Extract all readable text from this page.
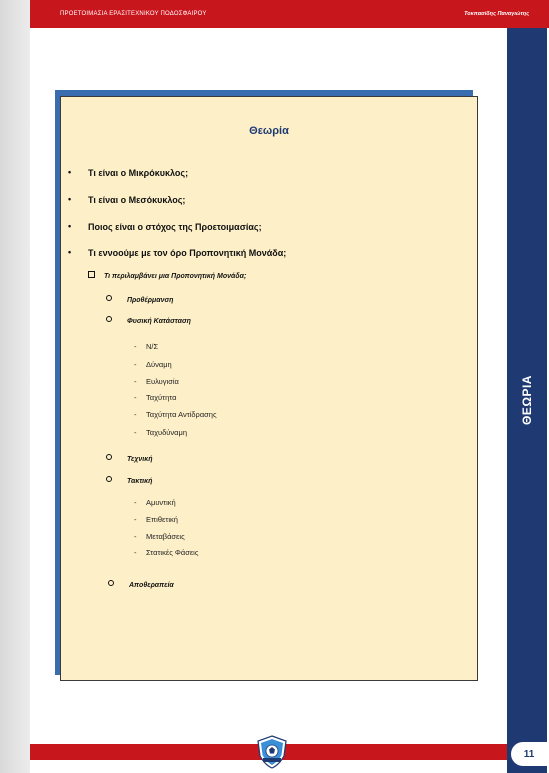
ΠΡΟΕΤΟΙΜΑΣΙΑ ΕΡΑΣΙΤΕΧΝΙΚΟΥ ΠΟΔΟΣΦΑΙΡΟΥ	Τοκπασίδης Παναγιώτης
ΘΕΩΡΙΑ
11
Θεωρία
• Τι είναι ο Μικρόκυκλος;
• Τι είναι ο Μεσόκυκλος;
• Ποιος είναι ο στόχος της Προετοιμασίας;
• Τι εννοούμε με τον όρο Προπονητική Μονάδα;
Τι περιλαμβάνει μια Προπονητική Μονάδα;
Προθέρμανση
Φυσική Κατάσταση
- Ν/Σ
- Δύναμη
- Ευλυγισία
- Ταχύτητα
- Ταχύτητα Αντίδρασης
- Ταχυδύναμη
Τεχνική
Τακτική
- Αμυντική
- Επιθετική
- Μεταβάσεις
- Στατικές Φάσεις
Αποθεραπεία
